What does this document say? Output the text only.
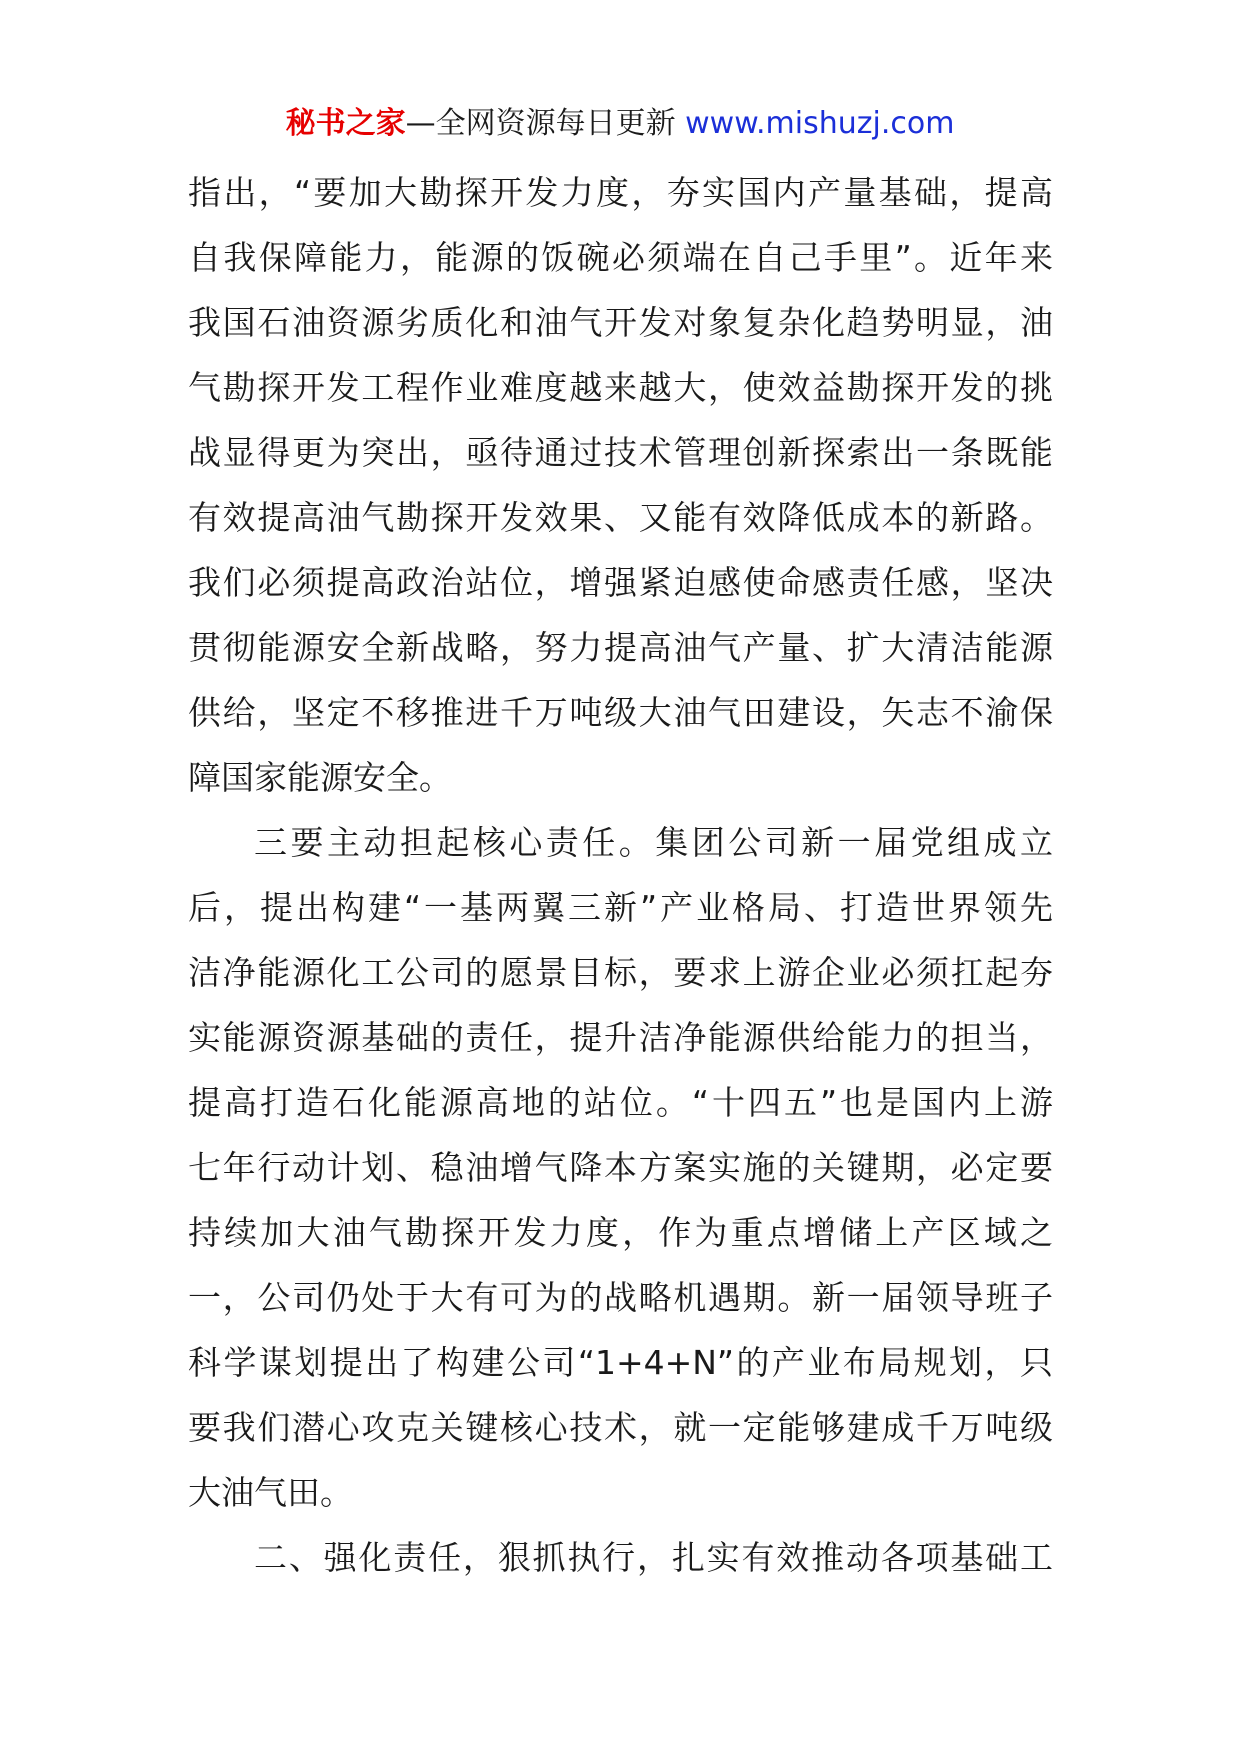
秘书之家—全网资源每日更新 www.mishuzj.com
指出，“要加大勘探开发力度，夯实国内产量基础，提高
自我保障能力，能源的饭碗必须端在自己手里”。近年来
我国石油资源劣质化和油气开发对象复杂化趋势明显，油
气勘探开发工程作业难度越来越大，使效益勘探开发的挑
战显得更为突出，亟待通过技术管理创新探索出一条既能
有效提高油气勘探开发效果、又能有效降低成本的新路。
我们必须提高政治站位，增强紧迫感使命感责任感，坚决
贯彻能源安全新战略，努力提高油气产量、扩大清洁能源
供给，坚定不移推进千万吨级大油气田建设，矢志不渝保
障国家能源安全。
三要主动担起核心责任。集团公司新一届党组成立
后，提出构建“一基两翼三新”产业格局、打造世界领先
洁净能源化工公司的愿景目标，要求上游企业必须扛起夯
实能源资源基础的责任，提升洁净能源供给能力的担当，
提高打造石化能源高地的站位。“十四五”也是国内上游
七年行动计划、稳油增气降本方案实施的关键期，必定要
持续加大油气勘探开发力度，作为重点增储上产区域之
一，公司仍处于大有可为的战略机遇期。新一届领导班子
科学谋划提出了构建公司“1+4+N”的产业布局规划，只
要我们潜心攻克关键核心技术，就一定能够建成千万吨级
大油气田。
二、强化责任，狠抓执行，扎实有效推动各项基础工
